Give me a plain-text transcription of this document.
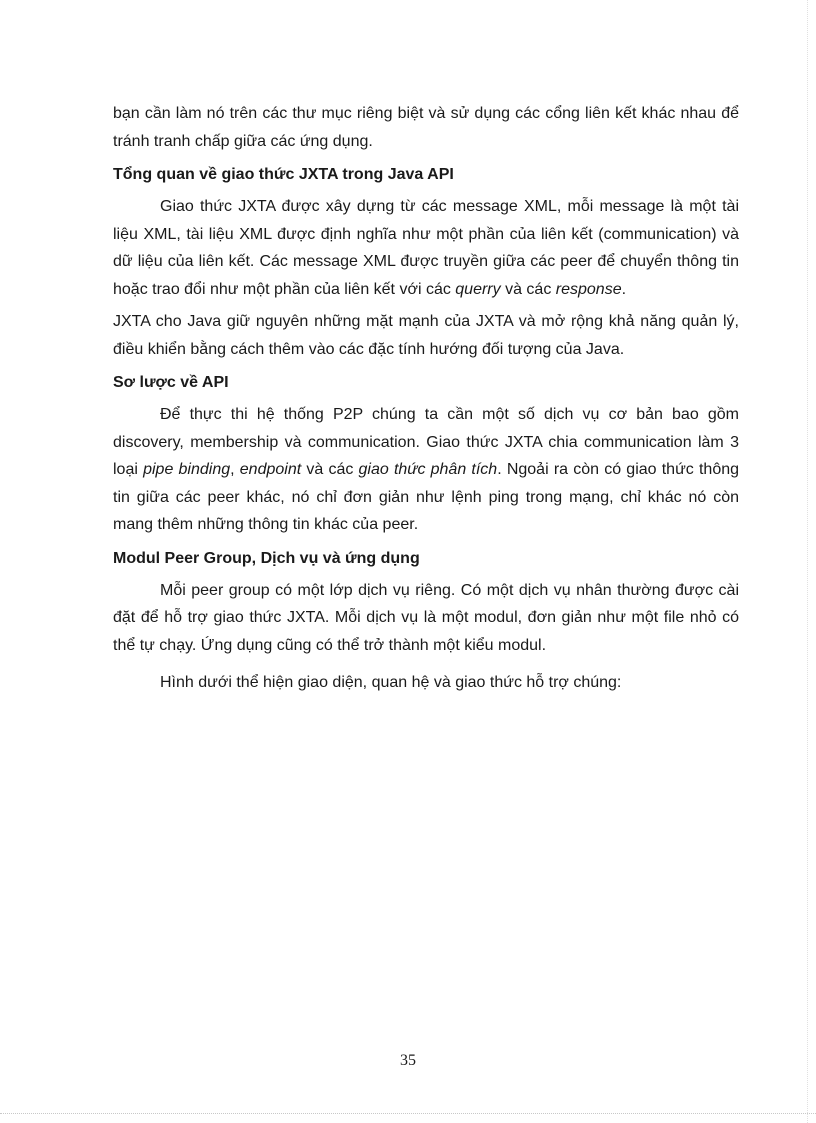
bạn cần làm nó trên các thư mục riêng biệt và sử dụng các cổng liên kết khác nhau để tránh tranh chấp giữa các ứng dụng.

Tổng quan về giao thức JXTA trong Java API

Giao thức JXTA được xây dựng từ các message XML, mỗi message là một tài liệu XML, tài liệu XML được định nghĩa như một phần của liên kết (communication) và dữ liệu của liên kết. Các message XML được truyền giữa các peer để chuyển thông tin hoặc trao đổi như một phần của liên kết với các querry và các response.

JXTA cho Java giữ nguyên những mặt mạnh của JXTA và mở rộng khả năng quản lý, điều khiển bằng cách thêm vào các đặc tính hướng đối tượng của Java.

Sơ lược về API

Để thực thi hệ thống P2P chúng ta cần một số dịch vụ cơ bản bao gồm discovery, membership và communication. Giao thức JXTA chia communication làm 3 loại pipe binding, endpoint và các giao thức phân tích. Ngoải ra còn có giao thức thông tin giữa các peer khác, nó chỉ đơn giản như lệnh ping trong mạng, chỉ khác nó còn mang thêm những thông tin khác của peer.

Modul Peer Group, Dịch vụ và ứng dụng

Mỗi peer group có một lớp dịch vụ riêng. Có một dịch vụ nhân thường được cài đặt để hỗ trợ giao thức JXTA. Mỗi dịch vụ là một modul, đơn giản như một file nhỏ có thể tự chạy. Ứng dụng cũng có thể trở thành một kiểu modul.

Hình dưới thể hiện giao diện, quan hệ và giao thức hỗ trợ chúng:

35
